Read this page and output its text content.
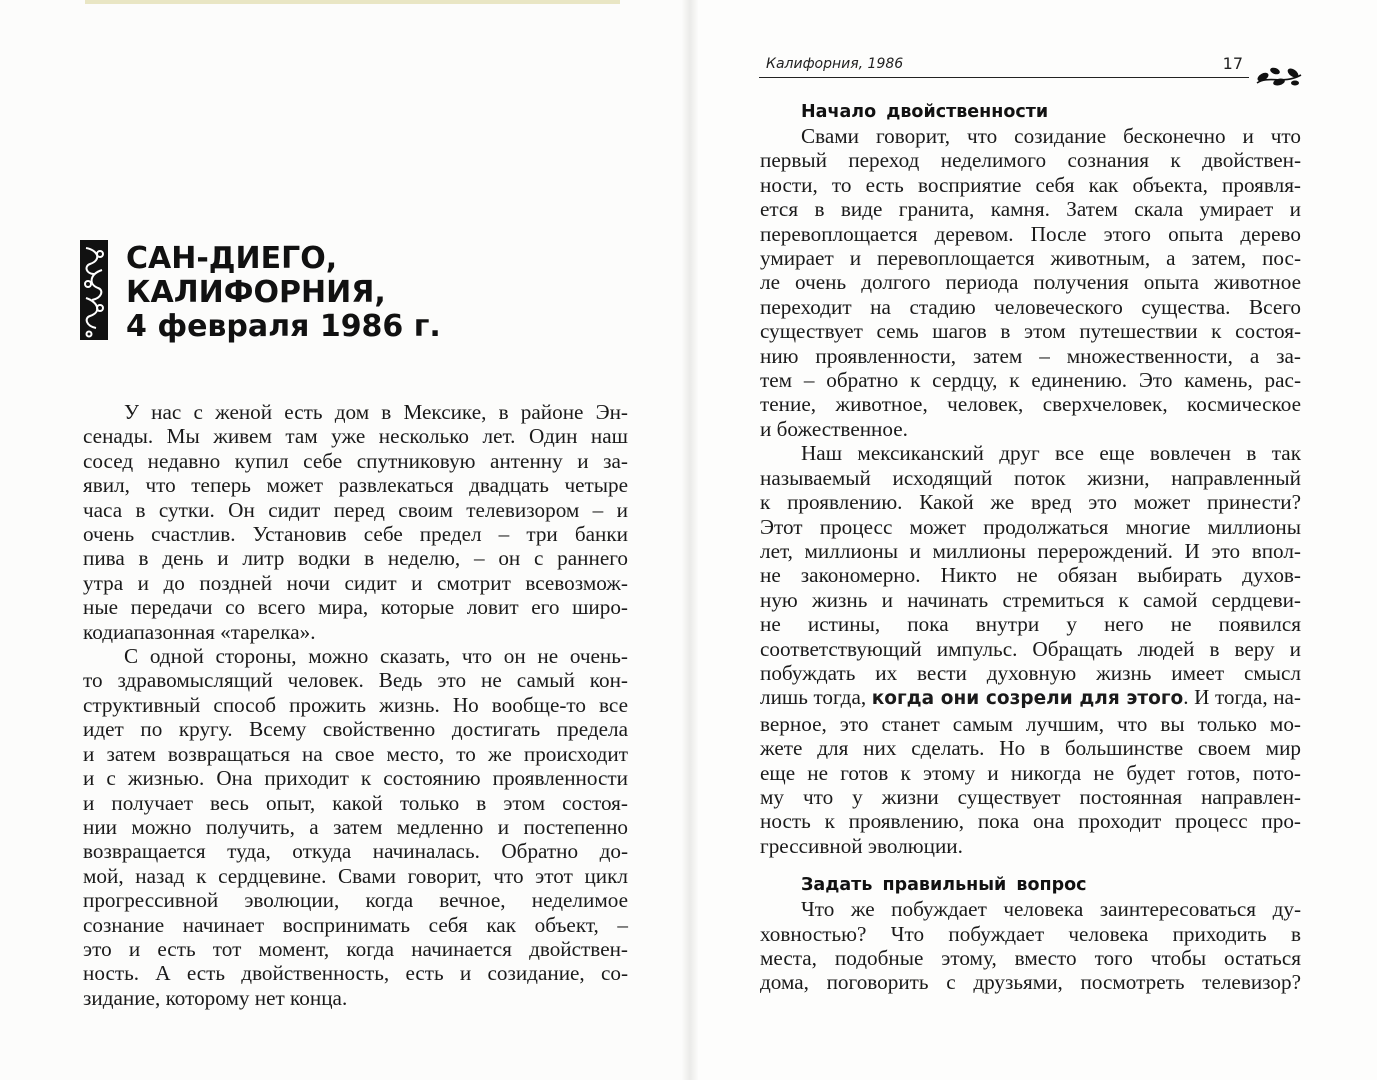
САН-ДИЕГО,
КАЛИФОРНИЯ,
4 февраля 1986 г.
У нас с женой есть дом в Мексике, в районе Эн-
сенады. Мы живем там уже несколько лет. Один наш
сосед недавно купил себе спутниковую антенну и за-
явил, что теперь может развлекаться двадцать четыре
часа в сутки. Он сидит перед своим телевизором – и
очень счастлив. Установив себе предел – три банки
пива в день и литр водки в неделю, – он с раннего
утра и до поздней ночи сидит и смотрит всевозмож-
ные передачи со всего мира, которые ловит его широ-
кодиапазонная «тарелка».
С одной стороны, можно сказать, что он не очень-
то здравомыслящий человек. Ведь это не самый кон-
структивный способ прожить жизнь. Но вообще-то все
идет по кругу. Всему свойственно достигать предела
и затем возвращаться на свое место, то же происходит
и с жизнью. Она приходит к состоянию проявленности
и получает весь опыт, какой только в этом состоя-
нии можно получить, а затем медленно и постепенно
возвращается туда, откуда начиналась. Обратно до-
мой, назад к сердцевине. Свами говорит, что этот цикл
прогрессивной эволюции, когда вечное, неделимое
сознание начинает воспринимать себя как объект, –
это и есть тот момент, когда начинается двойствен-
ность. А есть двойственность, есть и созидание, со-
зидание, которому нет конца.
Калифорния, 1986	17
Начало двойственности
Свами говорит, что созидание бесконечно и что
первый переход неделимого сознания к двойствен-
ности, то есть восприятие себя как объекта, проявля-
ется в виде гранита, камня. Затем скала умирает и
перевоплощается деревом. После этого опыта дерево
умирает и перевоплощается животным, а затем, пос-
ле очень долгого периода получения опыта животное
переходит на стадию человеческого существа. Всего
существует семь шагов в этом путешествии к состоя-
нию проявленности, затем – множественности, а за-
тем – обратно к сердцу, к единению. Это камень, рас-
тение, животное, человек, сверхчеловек, космическое
и божественное.
Наш мексиканский друг все еще вовлечен в так
называемый исходящий поток жизни, направленный
к проявлению. Какой же вред это может принести?
Этот процесс может продолжаться многие миллионы
лет, миллионы и миллионы перерождений. И это впол-
не закономерно. Никто не обязан выбирать духов-
ную жизнь и начинать стремиться к самой сердцеви-
не истины, пока внутри у него не появился
соответствующий импульс. Обращать людей в веру и
побуждать их вести духовную жизнь имеет смысл
лишь тогда, когда они созрели для этого. И тогда, на-
верное, это станет самым лучшим, что вы только мо-
жете для них сделать. Но в большинстве своем мир
еще не готов к этому и никогда не будет готов, пото-
му что у жизни существует постоянная направлен-
ность к проявлению, пока она проходит процесс про-
грессивной эволюции.
Задать правильный вопрос
Что же побуждает человека заинтересоваться ду-
ховностью? Что побуждает человека приходить в
места, подобные этому, вместо того чтобы остаться
дома, поговорить с друзьями, посмотреть телевизор?
